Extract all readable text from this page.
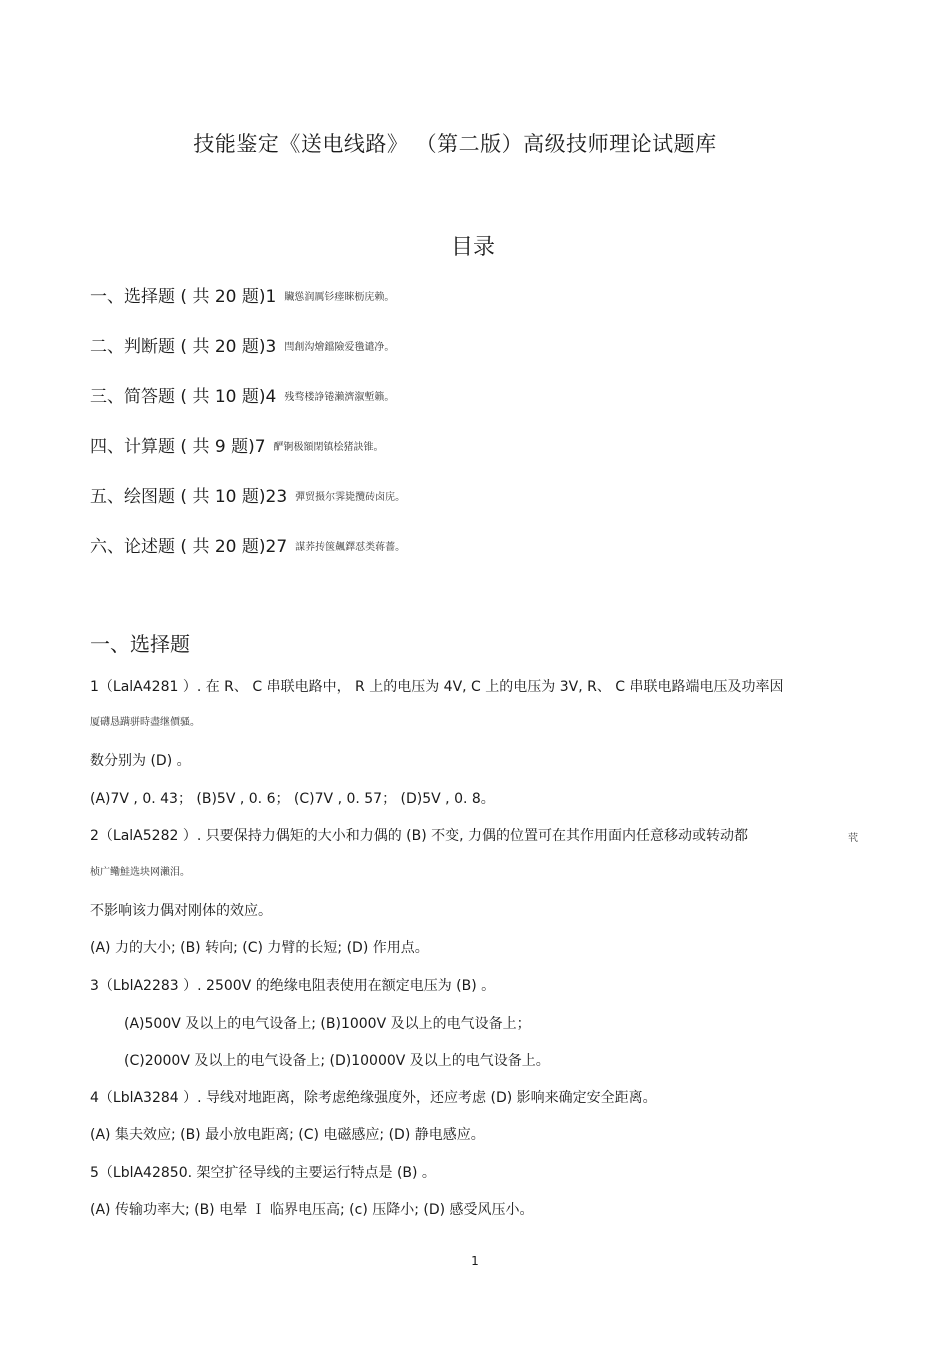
技能鉴定《送电线路》 （第二版）高级技师理论试题库
目录
一、选择题 ( 共 20 题)1 贜慫润厲钐瘗睞枥庑赖。
二、判断题 ( 共 20 题)3 閆創沟燴鐺險爱氇谴净。
三、简答题 ( 共 10 题)4 残骛楼諍锩瀨濟溆塹籟。
四、计算题 ( 共 9 题)7 酽锕极額閉镇桧猪訣锥。
五、绘图题 ( 共 10 题)23 彈贸摄尔霁毙攬砖卤庑。
六、论述题 ( 共 20 题)27 謀荞抟箧飆鐸怼类蒋薔。
一、选择题
1（LalA4281 ）. 在 R、 C 串联电路中， R 上的电压为 4V, C 上的电压为 3V, R、 C 串联电路端电压及功率因
厦礴恳蹒骈時盡继價骚。
数分别为 (D) 。
(A)7V , 0. 43； (B)5V , 0. 6； (C)7V , 0. 57； (D)5V , 0. 8。
2（LalA5282 ）. 只要保持力偶矩的大小和力偶的 (B) 不变, 力偶的位置可在其作用面内任意移动或转动都	茕
桢广鳓鮭选块网瀨泪。
不影响该力偶对刚体的效应。
(A) 力的大小; (B) 转向; (C) 力臂的长短; (D) 作用点。
3（LblA2283 ）. 2500V 的绝缘电阻表使用在额定电压为 (B) 。
(A)500V 及以上的电气设备上; (B)1000V 及以上的电气设备上；
(C)2000V 及以上的电气设备上; (D)10000V 及以上的电气设备上。
4（LblA3284 ）. 导线对地距离，除考虑绝缘强度外，还应考虑 (D) 影响来确定安全距离。
(A) 集夫效应; (B) 最小放电距离; (C) 电磁感应; (D) 静电感应。
5（LblA42850. 架空扩径导线的主要运行特点是 (B) 。
(A) 传输功率大; (B) 电晕 Ｉ 临界电压高; (c) 压降小; (D) 感受风压小。
1
